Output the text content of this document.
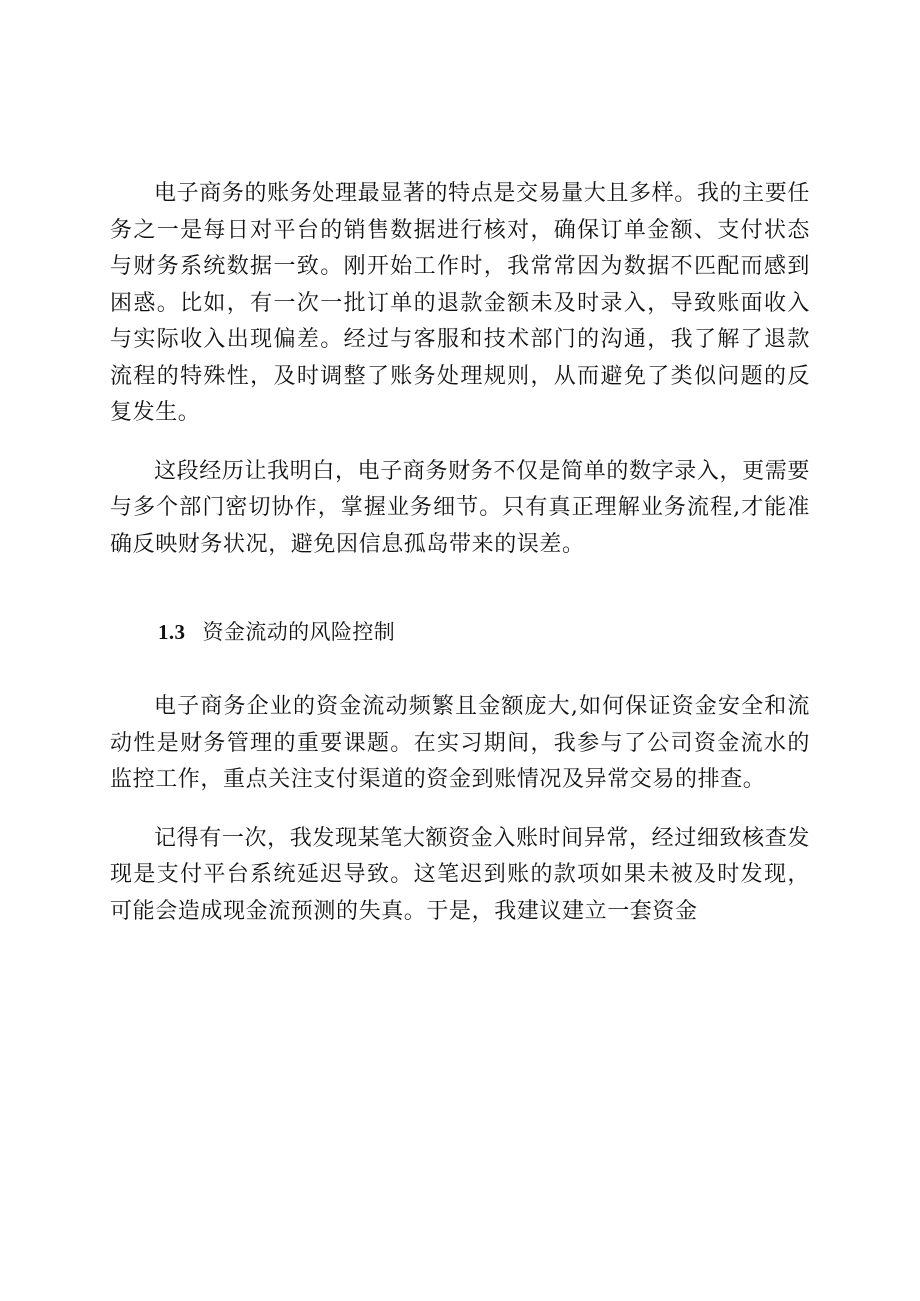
电子商务的账务处理最显著的特点是交易量大且多样。我的主要任务之一是每日对平台的销售数据进行核对，确保订单金额、支付状态与财务系统数据一致。刚开始工作时，我常常因为数据不匹配而感到困惑。比如，有一次一批订单的退款金额未及时录入，导致账面收入与实际收入出现偏差。经过与客服和技术部门的沟通，我了解了退款流程的特殊性，及时调整了账务处理规则，从而避免了类似问题的反复发生。

这段经历让我明白，电子商务财务不仅是简单的数字录入，更需要与多个部门密切协作，掌握业务细节。只有真正理解业务流程,才能准确反映财务状况，避免因信息孤岛带来的误差。

1.3 资金流动的风险控制

电子商务企业的资金流动频繁且金额庞大,如何保证资金安全和流动性是财务管理的重要课题。在实习期间，我参与了公司资金流水的监控工作，重点关注支付渠道的资金到账情况及异常交易的排查。

记得有一次，我发现某笔大额资金入账时间异常，经过细致核查发现是支付平台系统延迟导致。这笔迟到账的款项如果未被及时发现，可能会造成现金流预测的失真。于是，我建议建立一套资金
